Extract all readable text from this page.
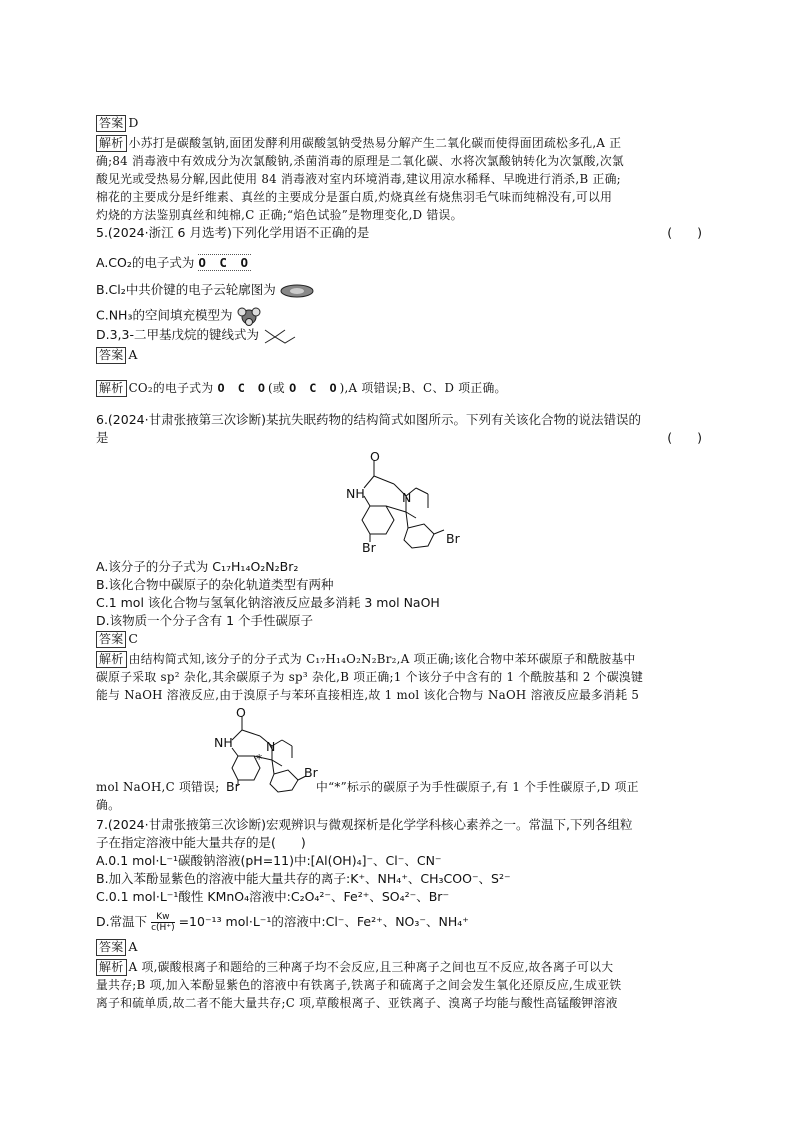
答案 D
解析 小苏打是碳酸氢钠,面团发酵利用碳酸氢钠受热易分解产生二氧化碳而使得面团疏松多孔,A 正
确;84 消毒液中有效成分为次氯酸钠,杀菌消毒的原理是二氧化碳、水将次氯酸钠转化为次氯酸,次氯
酸见光或受热易分解,因此使用 84 消毒液对室内环境消毒,建议用凉水稀释、早晚进行消杀,B 正确;
棉花的主要成分是纤维素、真丝的主要成分是蛋白质,灼烧真丝有烧焦羽毛气味而纯棉没有,可以用
灼烧的方法鉴别真丝和纯棉,C 正确;“焰色试验”是物理变化,D 错误。
5.(2024·浙江 6 月选考)下列化学用语不正确的是	(　　)
A.CO₂的电子式为 O C O
B.Cl₂中共价键的电子云轮廓图为
C.NH₃的空间填充模型为
D.3,3-二甲基戊烷的键线式为
答案 A
解析 CO₂的电子式为 O C O(或 O C O),A 项错误;B、C、D 项正确。
6.(2024·甘肃张掖第三次诊断)某抗失眠药物的结构简式如图所示。下列有关该化合物的说法错误的
是	(　　)
O
NH	N
Br
Br
A.该分子的分子式为 C₁₇H₁₄O₂N₂Br₂
B.该化合物中碳原子的杂化轨道类型有两种
C.1 mol 该化合物与氢氧化钠溶液反应最多消耗 3 mol NaOH
D.该物质一个分子含有 1 个手性碳原子
答案 C
解析 由结构简式知,该分子的分子式为 C₁₇H₁₄O₂N₂Br₂,A 项正确;该化合物中苯环碳原子和酰胺基中
碳原子采取 sp² 杂化,其余碳原子为 sp³ 杂化,B 项正确;1 个该分子中含有的 1 个酰胺基和 2 个碳溴键
能与 NaOH 溶液反应,由于溴原子与苯环直接相连,故 1 mol 该化合物与 NaOH 溶液反应最多消耗 5
O
NH	N
*
Br
Br
mol NaOH,C 项错误;	中“*”标示的碳原子为手性碳原子,有 1 个手性碳原子,D 项正
确。
7.(2024·甘肃张掖第三次诊断)宏观辨识与微观探析是化学学科核心素养之一。常温下,下列各组粒
子在指定溶液中能大量共存的是(　　)
A.0.1 mol·L⁻¹碳酸钠溶液(pH=11)中:[Al(OH)₄]⁻、Cl⁻、CN⁻
B.加入苯酚显紫色的溶液中能大量共存的离子:K⁺、NH₄⁺、CH₃COO⁻、S²⁻
C.0.1 mol·L⁻¹酸性 KMnO₄溶液中:C₂O₄²⁻、Fe²⁺、SO₄²⁻、Br⁻
D.常温下 $\frac{Kw}{c(H^+)} =10^{-13}$ mol·L⁻¹的溶液中:Cl⁻、Fe²⁺、NO₃⁻、NH₄⁺
答案 A
解析 A 项,碳酸根离子和题给的三种离子均不会反应,且三种离子之间也互不反应,故各离子可以大
量共存;B 项,加入苯酚显紫色的溶液中有铁离子,铁离子和硫离子之间会发生氧化还原反应,生成亚铁
离子和硫单质,故二者不能大量共存;C 项,草酸根离子、亚铁离子、溴离子均能与酸性高锰酸钾溶液
